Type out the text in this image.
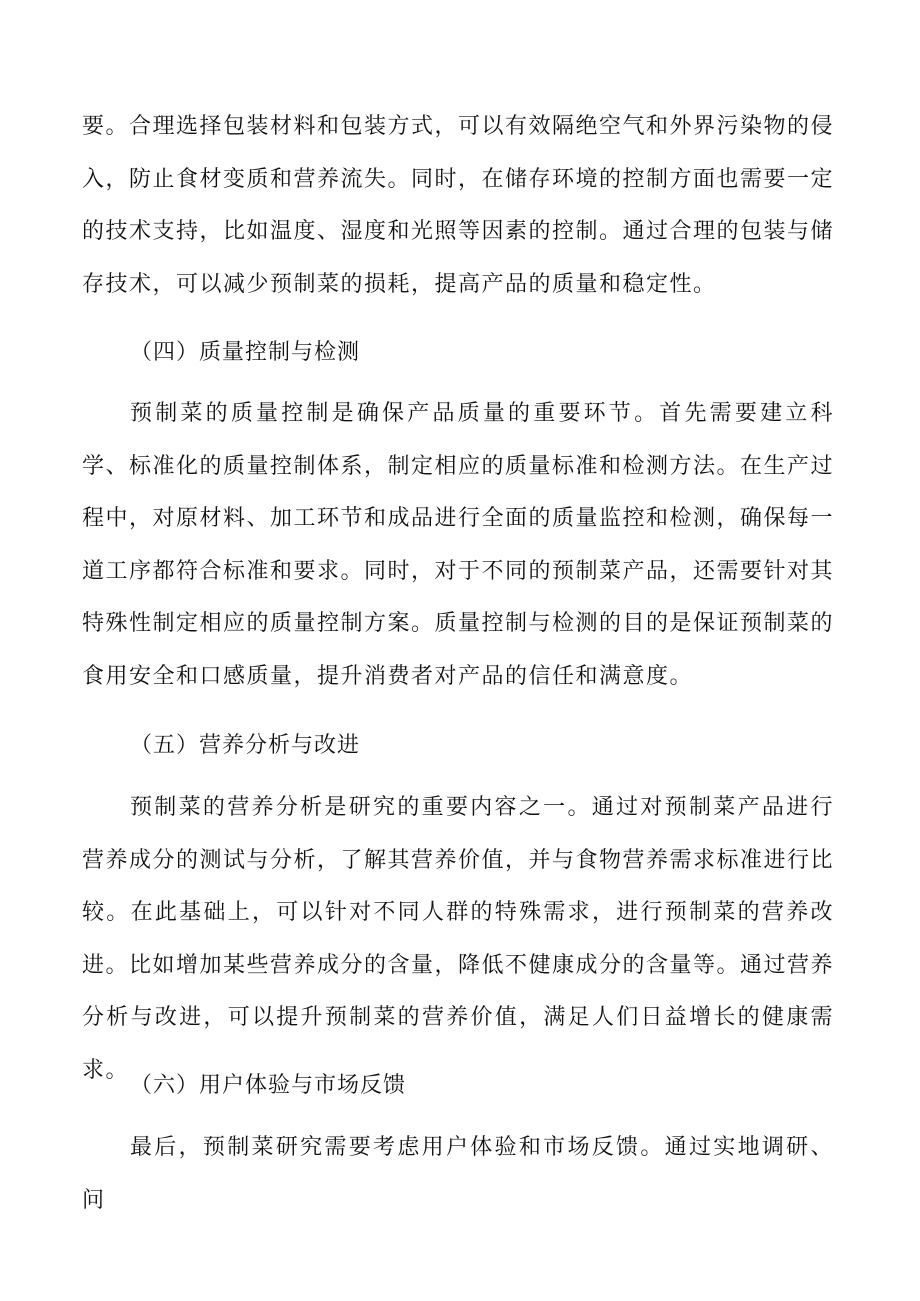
要。合理选择包装材料和包装方式，可以有效隔绝空气和外界污染物的侵入，防止食材变质和营养流失。同时，在储存环境的控制方面也需要一定的技术支持，比如温度、湿度和光照等因素的控制。通过合理的包装与储存技术，可以减少预制菜的损耗，提高产品的质量和稳定性。

（四）质量控制与检测

预制菜的质量控制是确保产品质量的重要环节。首先需要建立科学、标准化的质量控制体系，制定相应的质量标准和检测方法。在生产过程中，对原材料、加工环节和成品进行全面的质量监控和检测，确保每一道工序都符合标准和要求。同时，对于不同的预制菜产品，还需要针对其特殊性制定相应的质量控制方案。质量控制与检测的目的是保证预制菜的食用安全和口感质量，提升消费者对产品的信任和满意度。

（五）营养分析与改进

预制菜的营养分析是研究的重要内容之一。通过对预制菜产品进行营养成分的测试与分析，了解其营养价值，并与食物营养需求标准进行比较。在此基础上，可以针对不同人群的特殊需求，进行预制菜的营养改进。比如增加某些营养成分的含量，降低不健康成分的含量等。通过营养分析与改进，可以提升预制菜的营养价值，满足人们日益增长的健康需求。

（六）用户体验与市场反馈

最后，预制菜研究需要考虑用户体验和市场反馈。通过实地调研、问
